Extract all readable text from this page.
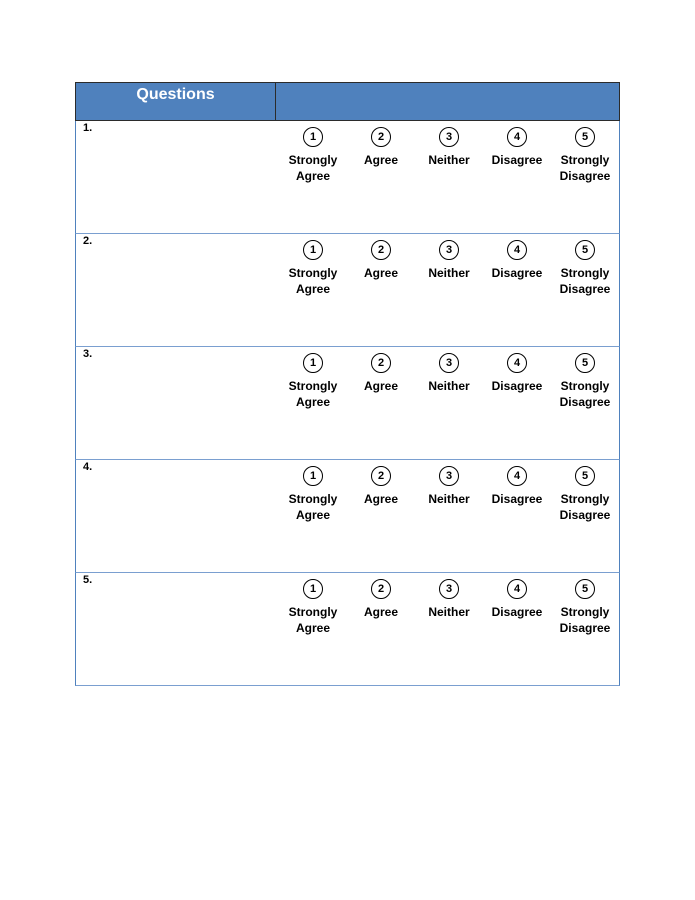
Questions
1.
1
Strongly Agree
2
Agree
3
Neither
4
Disagree
5
Strongly Disagree
2.
1
Strongly Agree
2
Agree
3
Neither
4
Disagree
5
Strongly Disagree
3.
1
Strongly Agree
2
Agree
3
Neither
4
Disagree
5
Strongly Disagree
4.
1
Strongly Agree
2
Agree
3
Neither
4
Disagree
5
Strongly Disagree
5.
1
Strongly Agree
2
Agree
3
Neither
4
Disagree
5
Strongly Disagree
